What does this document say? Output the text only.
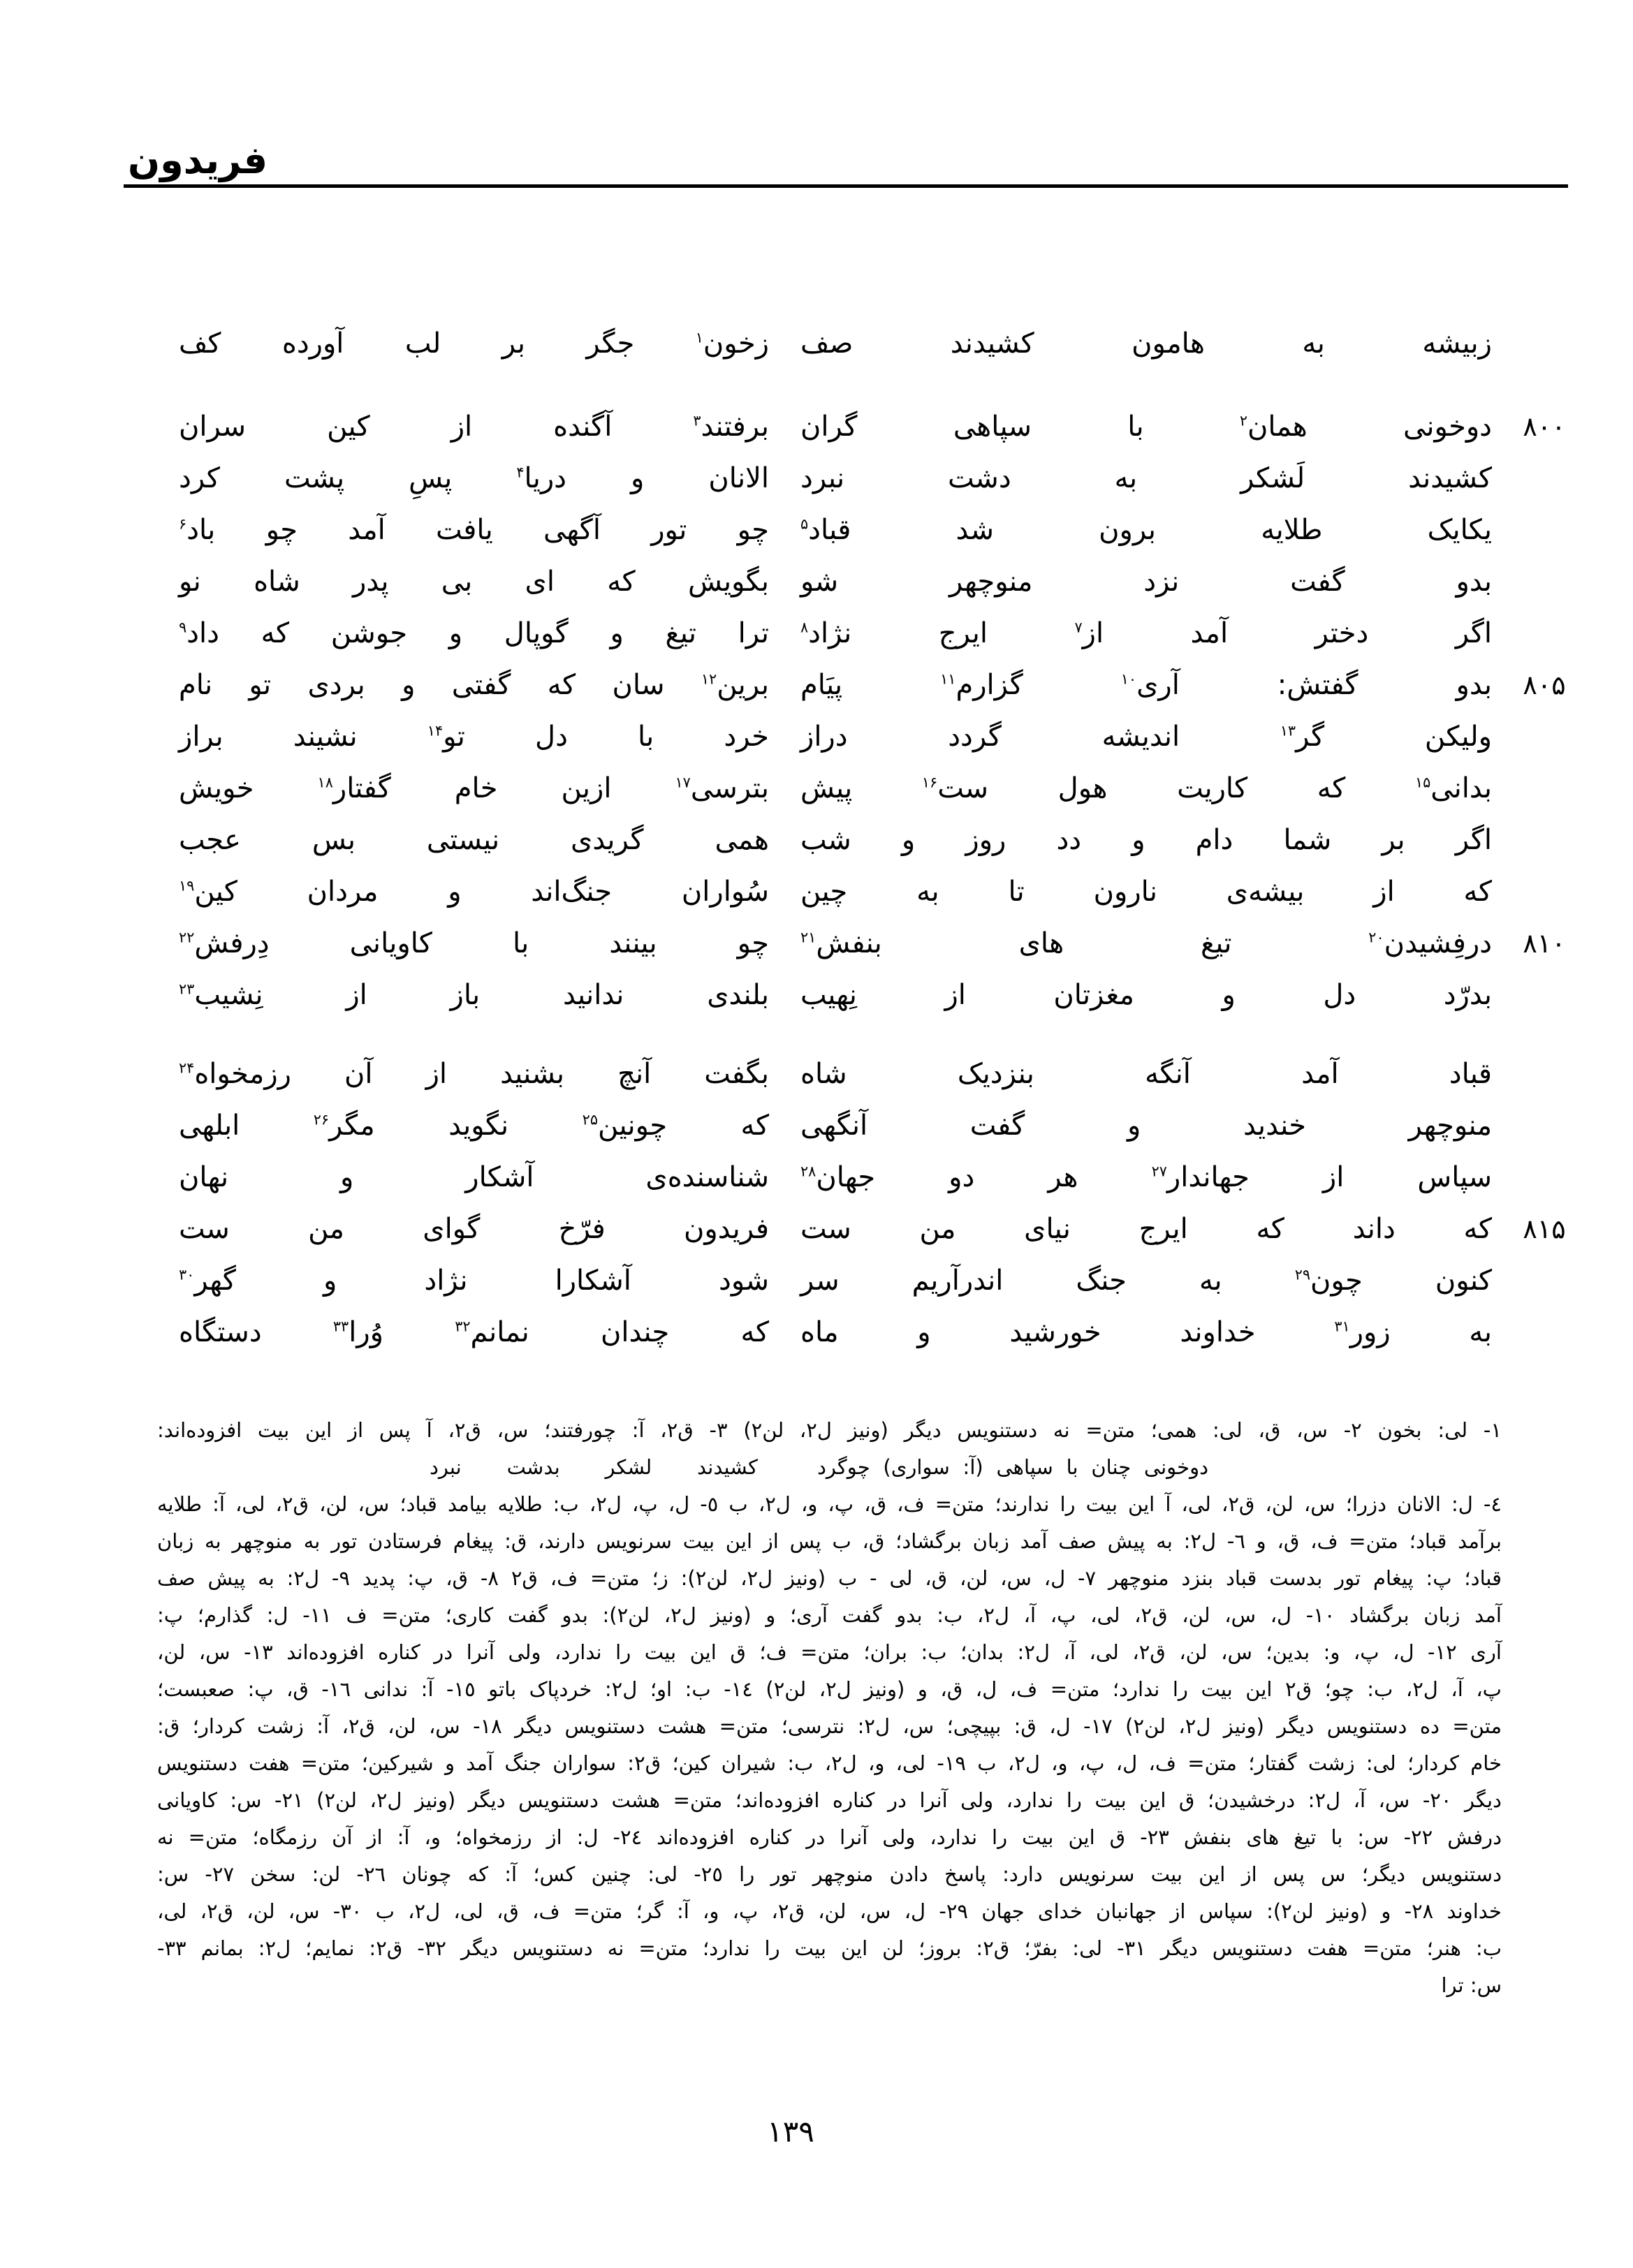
فریدون
زبیشه به هامون کشیدند صف
زخون$^۱$ جگر بر لب آورده کف
۸۰۰
دوخونی همان$^۲$ با سپاهی گران
برفتند$^۳$ آگنده از کین سران
کشیدند لَشکر به دشت نبرد
الانان و دریا$^۴$ پسِ پشت کرد
یکایک طلایه برون شد قباد$^۵$
چو تور آگهی یافت آمد چو باد$^۶$
بدو گفت نزد منوچهر شو
بگویش که ای بی پدر شاه نو
اگر دختر آمد از$^۷$ ایرج نژاد$^۸$
ترا تیغ و گوپال و جوشن که داد$^۹$
۸۰۵
بدو گفتش: آری$^{۱۰}$ گزارم$^{۱۱}$ پیَام
برین$^{۱۲}$ سان که گفتی و بردی تو نام
ولیکن گر$^{۱۳}$ اندیشه گردد دراز
خرد با دل تو$^{۱۴}$ نشیند براز
بدانی$^{۱۵}$ که کاریت هول ست$^{۱۶}$ پیش
بترسی$^{۱۷}$ ازین خام گفتار$^{۱۸}$ خویش
اگر بر شما دام و دد روز و شب
همی گریدی نیستی بس عجب
که از بیشه‌ی نارون تا به چین
سُواران جنگ‌اند و مردان کین$^{۱۹}$
۸۱۰
درفِشیدن$^{۲۰}$ تیغ های بنفش$^{۲۱}$
چو بینند با کاویانی دِرفش$^{۲۲}$
بدرّد دل و مغزتان از نِهیب
بلندی ندانید باز از نِشیب$^{۲۳}$
قباد آمد آنگه بنزدیک شاه
بگفت آنچ بشنید از آن رزمخواه$^{۲۴}$
منوچهر خندید و گفت آنگهی
که چونین$^{۲۵}$ نگوید مگر$^{۲۶}$ ابلهی
سپاس از جهاندار$^{۲۷}$ هر دو جهان$^{۲۸}$
شناسنده‌ی آشکار و نهان
۸۱۵
که داند که ایرج نیای من ست
فریدون فرّخ گوای من ست
کنون چون$^{۲۹}$ به جنگ اندرآریم سر
شود آشکارا نژاد و گهر$^{۳۰}$
به زور$^{۳۱}$ خداوند خورشید و ماه
که چندان نمانم$^{۳۲}$ وُرا$^{۳۳}$ دستگاه
۱- لی: بخون ۲- س، ق، لی: همی؛ متن= نه دستنویس دیگر (ونیز ل۲، لن۲) ۳- ق۲، آ: چورفتند؛ س، ق۲، آ پس از این بیت افزوده‌اند:
دوخونی چنان با سپاهی (آ: سواری) چوگرد
کشیدند لشکر بدشت نبرد
٤- ل: الانان دزرا؛ س، لن، ق۲، لی، آ این بیت را ندارند؛ متن= ف، ق، پ، و، ل۲، ب ٥- ل، پ، ل۲، ب: طلایه بیامد قباد؛ س، لن، ق۲، لی، آ: طلایه
برآمد قباد؛ متن= ف، ق، و ٦- ل۲: به پیش صف آمد زبان برگشاد؛ ق، ب پس از این بیت سرنویس دارند، ق: پیغام فرستادن تور به منوچهر به زبان
قباد؛ پ: پیغام تور بدست قباد بنزد منوچهر ۷- ل، س، لن، ق، لی - ب (ونیز ل۲، لن۲): ز؛ متن= ف، ق۲ ۸- ق، پ: پدید ۹- ل۲: به پیش صف
آمد زبان برگشاد ۱۰- ل، س، لن، ق۲، لی، پ، آ، ل۲، ب: بدو گفت آری؛ و (ونیز ل۲، لن۲): بدو گفت کاری؛ متن= ف ۱۱- ل: گذارم؛ پ:
آری ۱۲- ل، پ، و: بدین؛ س، لن، ق۲، لی، آ، ل۲: بدان؛ ب: بران؛ متن= ف؛ ق این بیت را ندارد، ولی آنرا در کناره افزوده‌اند ۱۳- س، لن،
پ، آ، ل۲، ب: چو؛ ق۲ این بیت را ندارد؛ متن= ف، ل، ق، و (ونیز ل۲، لن۲) ۱٤- ب: او؛ ل۲: خردپاک باتو ۱٥- آ: ندانی ۱٦- ق، پ: صعبست؛
متن= ده دستنویس دیگر (ونیز ل۲، لن۲) ۱۷- ل، ق: بپیچی؛ س، ل۲: نترسی؛ متن= هشت دستنویس دیگر ۱۸- س، لن، ق۲، آ: زشت کردار؛ ق:
خام کردار؛ لی: زشت گفتار؛ متن= ف، ل، پ، و، ل۲، ب ۱۹- لی، و، ل۲، ب: شیران کین؛ ق۲: سواران جنگ آمد و شیرکین؛ متن= هفت دستنویس
دیگر ۲۰- س، آ، ل۲: درخشیدن؛ ق این بیت را ندارد، ولی آنرا در کناره افزوده‌اند؛ متن= هشت دستنویس دیگر (ونیز ل۲، لن۲) ۲۱- س: کاویانی
درفش ۲۲- س: با تیغ های بنفش ۲۳- ق این بیت را ندارد، ولی آنرا در کناره افزوده‌اند ۲٤- ل: از رزمخواه؛ و، آ: از آن رزمگاه؛ متن= نه
دستنویس دیگر؛ س پس از این بیت سرنویس دارد: پاسخ دادن منوچهر تور را ۲٥- لی: چنین کس؛ آ: که چونان ۲٦- لن: سخن ۲۷- س:
خداوند ۲۸- و (ونیز لن۲): سپاس از جهانبان خدای جهان ۲۹- ل، س، لن، ق۲، پ، و، آ: گر؛ متن= ف، ق، لی، ل۲، ب ۳۰- س، لن، ق۲، لی،
ب: هنر؛ متن= هفت دستنویس دیگر ۳۱- لی: بفرّ؛ ق۲: بروز؛ لن این بیت را ندارد؛ متن= نه دستنویس دیگر ۳۲- ق۲: نمایم؛ ل۲: بمانم ۳۳-
س: ترا
۱۳۹
